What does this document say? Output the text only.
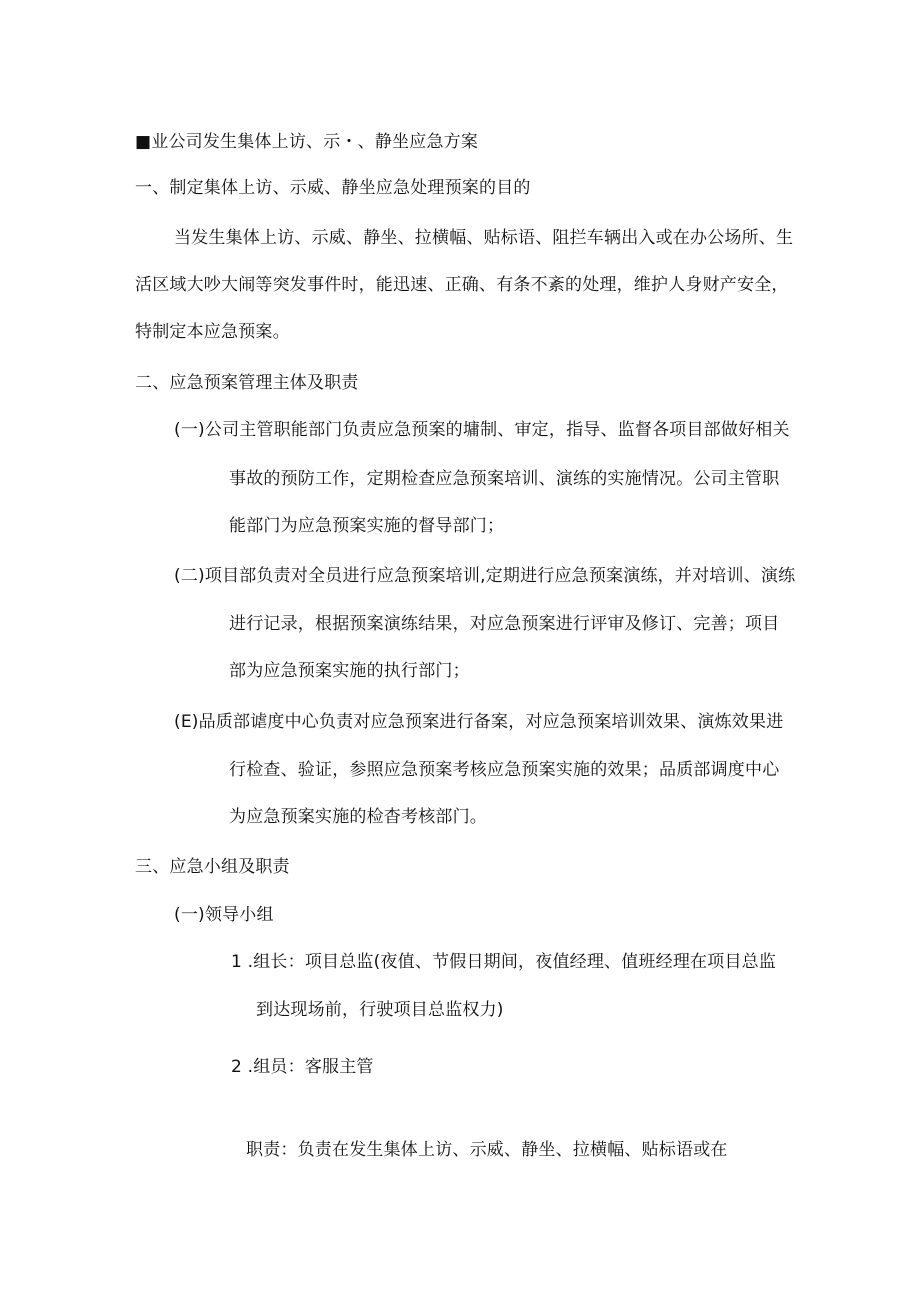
■业公司发生集体上访、示・、静坐应急方案
一、制定集体上访、示威、静坐应急处理预案的目的
当发生集体上访、示威、静坐、拉横幅、贴标语、阻拦车辆出入或在办公场所、生
活区域大吵大闹等突发事件时，能迅速、正确、有条不紊的处理，维护人身财产安全，
特制定本应急预案。
二、应急预案管理主体及职责
(一)公司主管职能部门负责应急预案的墉制、审定，指导、监督各项目部做好相关
事故的预防工作，定期检查应急预案培训、演练的实施情况。公司主管职
能部门为应急预案实施的督导部门；
(二)项目部负责对全员进行应急预案培训,定期进行应急预案演练，并对培训、演练
进行记录，根据预案演练结果，对应急预案进行评审及修订、完善；项目
部为应急预案实施的执行部门；
(E)品质部谑度中心负责对应急预案进行备案，对应急预案培训效果、演炼效果进
行检查、验证，参照应急预案考核应急预案实施的效果；品质部调度中心
为应急预案实施的检杳考核部门。
三、应急小组及职责
(一)领导小组
1 .组长：项目总监(夜值、节假日期间，夜值经理、值班经理在项目总监
到达现场前，行驶项目总监权力)
2 .组员：客服主管
职责：负责在发生集体上访、示威、静坐、拉横幅、贴标语或在
